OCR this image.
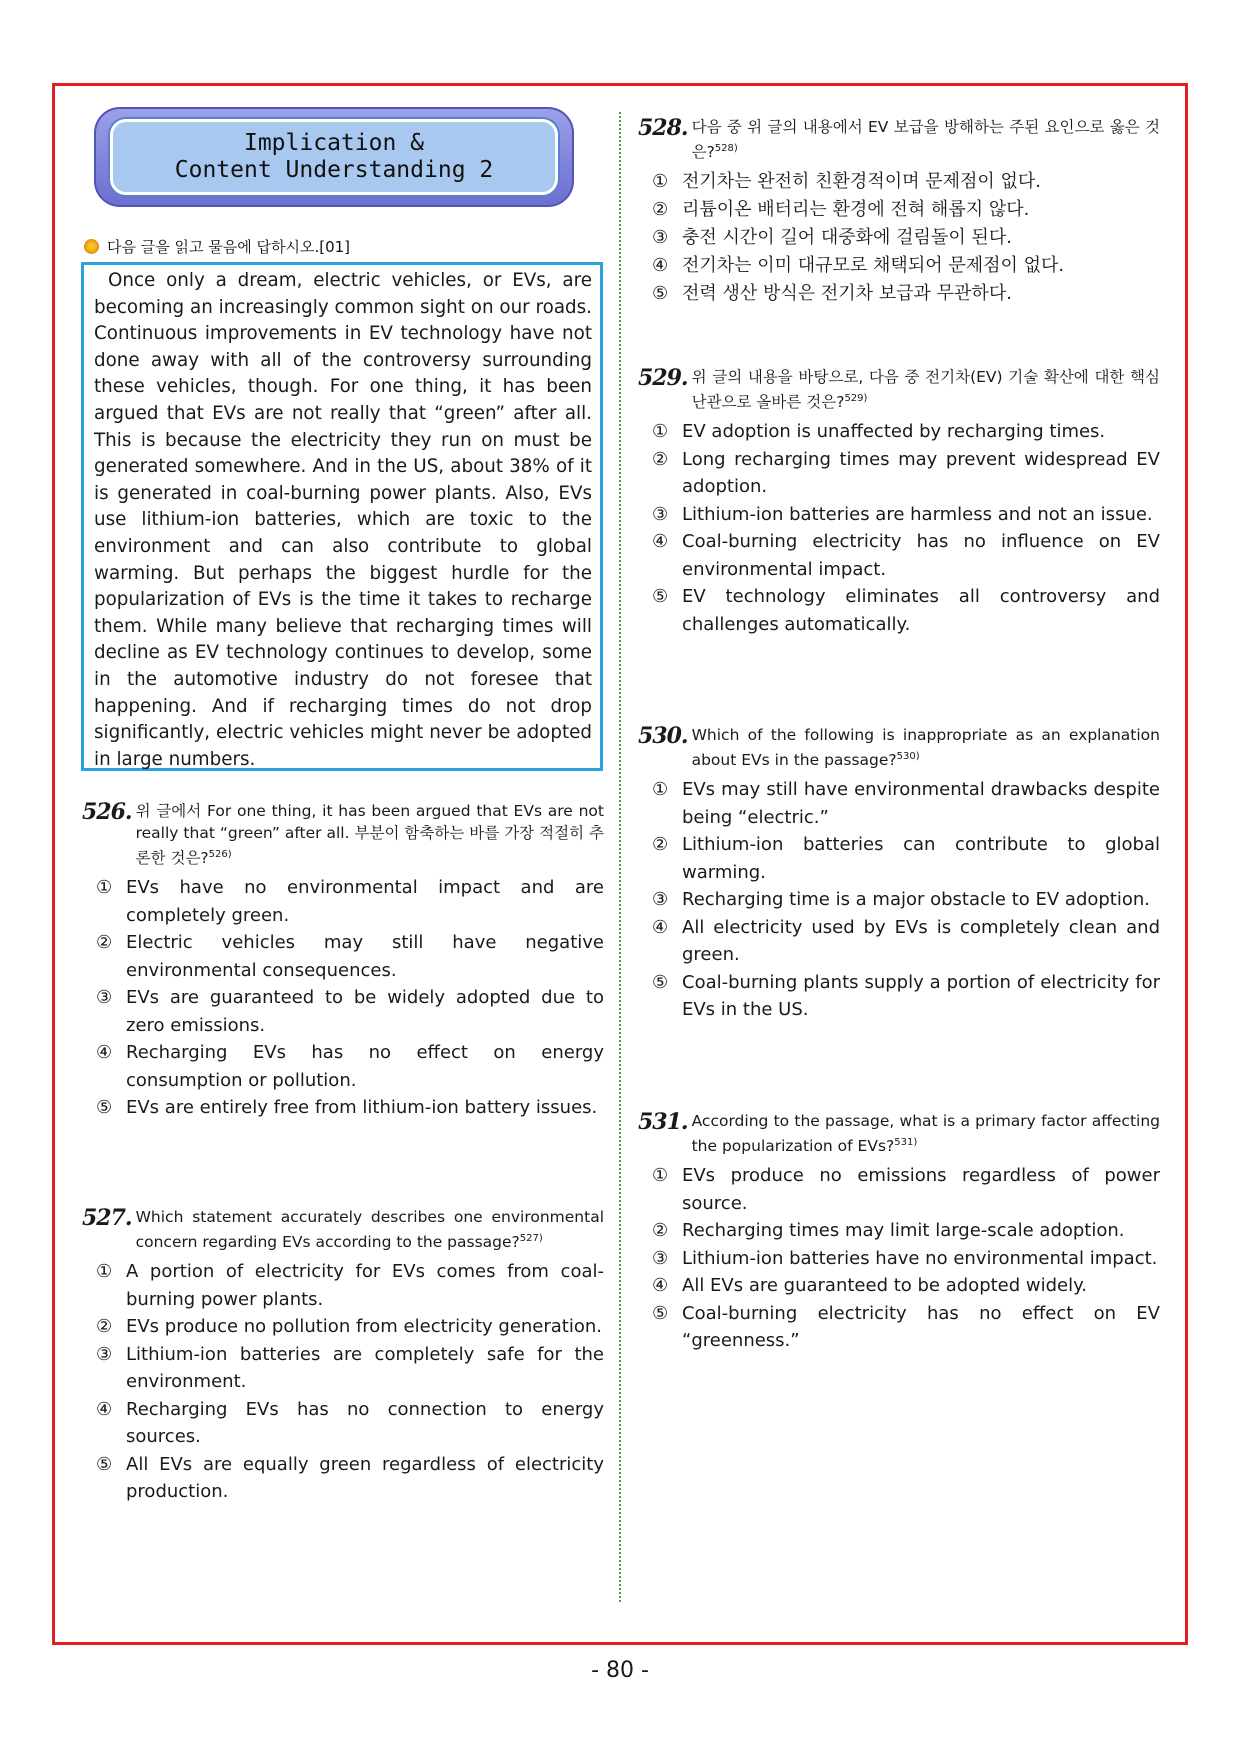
Implication &
Content Understanding 2
다음 글을 읽고 물음에 답하시오.[01]

Once only a dream, electric vehicles, or EVs, are becoming an increasingly common sight on our roads. Continuous improvements in EV technology have not done away with all of the controversy surrounding these vehicles, though. For one thing, it has been argued that EVs are not really that “green” after all. This is because the electricity they run on must be generated somewhere. And in the US, about 38% of it is generated in coal-burning power plants. Also, EVs use lithium-ion batteries, which are toxic to the environment and can also contribute to global warming. But perhaps the biggest hurdle for the popularization of EVs is the time it takes to recharge them. While many believe that recharging times will decline as EV technology continues to develop, some in the automotive industry do not foresee that happening. And if recharging times do not drop significantly, electric vehicles might never be adopted in large numbers.

526. 위 글에서 For one thing, it has been argued that EVs are not really that “green” after all. 부분이 함축하는 바를 가장 적절히 추론한 것은?$^{526)}$
① EVs have no environmental impact and are completely green.
② Electric vehicles may still have negative environmental consequences.
③ EVs are guaranteed to be widely adopted due to zero emissions.
④ Recharging EVs has no effect on energy consumption or pollution.
⑤ EVs are entirely free from lithium-ion battery issues.
527. Which statement accurately describes one environmental concern regarding EVs according to the passage?$^{527)}$
① A portion of electricity for EVs comes from coal-burning power plants.
② EVs produce no pollution from electricity generation.
③ Lithium-ion batteries are completely safe for the environment.
④ Recharging EVs has no connection to energy sources.
⑤ All EVs are equally green regardless of electricity production.
528. 다음 중 위 글의 내용에서 EV 보급을 방해하는 주된 요인으로 옳은 것은?$^{528)}$
① 전기차는 완전히 친환경적이며 문제점이 없다.
② 리튬이온 배터리는 환경에 전혀 해롭지 않다.
③ 충전 시간이 길어 대중화에 걸림돌이 된다.
④ 전기차는 이미 대규모로 채택되어 문제점이 없다.
⑤ 전력 생산 방식은 전기차 보급과 무관하다.
529. 위 글의 내용을 바탕으로, 다음 중 전기차(EV) 기술 확산에 대한 핵심 난관으로 올바른 것은?$^{529)}$
① EV adoption is unaffected by recharging times.
② Long recharging times may prevent widespread EV adoption.
③ Lithium-ion batteries are harmless and not an issue.
④ Coal-burning electricity has no influence on EV environmental impact.
⑤ EV technology eliminates all controversy and challenges automatically.
530. Which of the following is inappropriate as an explanation about EVs in the passage?$^{530)}$
① EVs may still have environmental drawbacks despite being “electric.”
② Lithium-ion batteries can contribute to global warming.
③ Recharging time is a major obstacle to EV adoption.
④ All electricity used by EVs is completely clean and green.
⑤ Coal-burning plants supply a portion of electricity for EVs in the US.
531. According to the passage, what is a primary factor affecting the popularization of EVs?$^{531)}$
① EVs produce no emissions regardless of power source.
② Recharging times may limit large-scale adoption.
③ Lithium-ion batteries have no environmental impact.
④ All EVs are guaranteed to be adopted widely.
⑤ Coal-burning electricity has no effect on EV “greenness.”
- 80 -
